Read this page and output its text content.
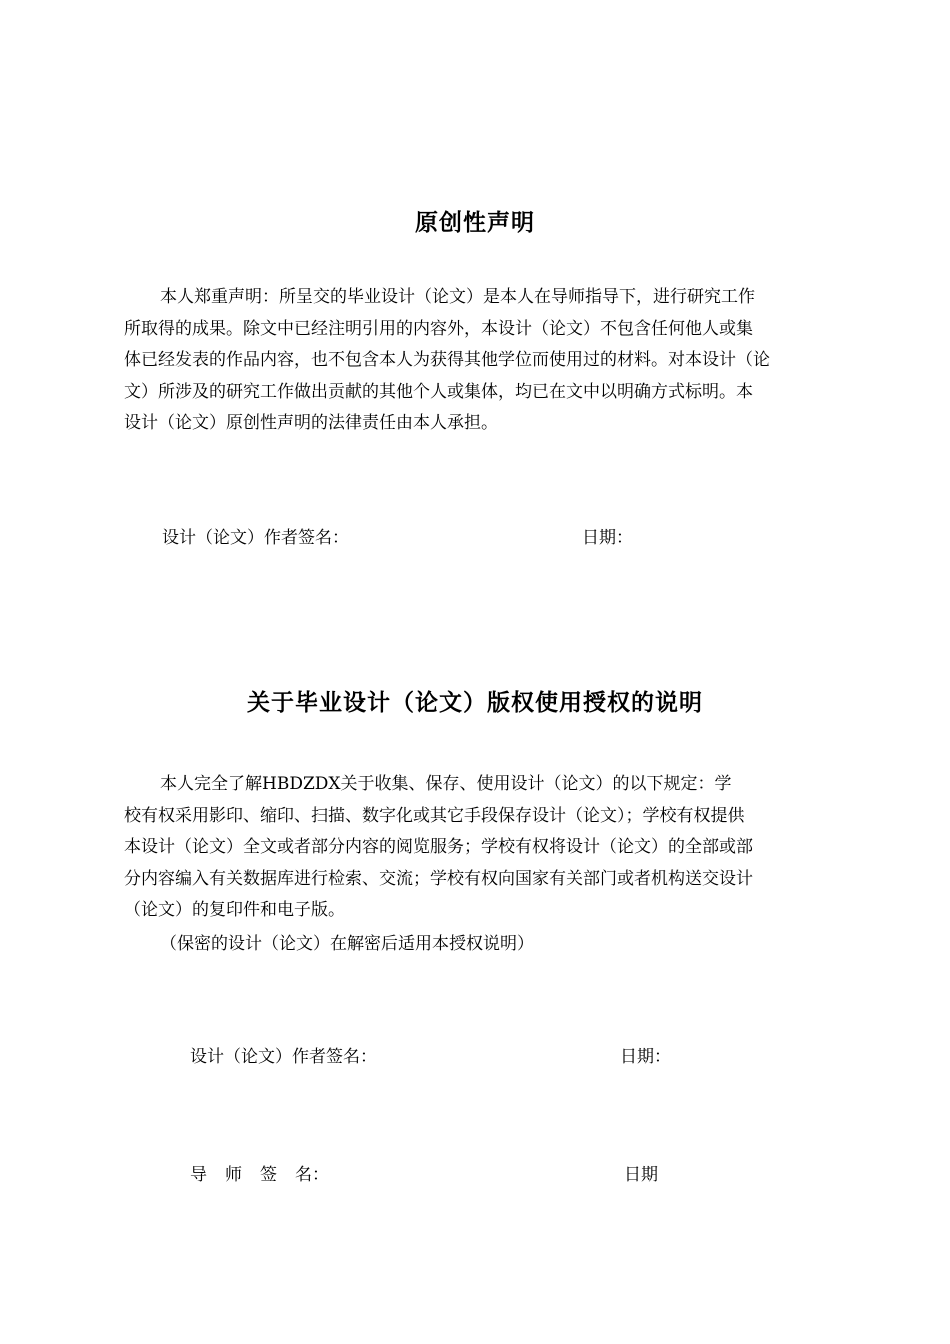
原创性声明
本人郑重声明：所呈交的毕业设计（论文）是本人在导师指导下，进行研究工作
所取得的成果。除文中已经注明引用的内容外，本设计（论文）不包含任何他人或集
体已经发表的作品内容，也不包含本人为获得其他学位而使用过的材料。对本设计（论
文）所涉及的研究工作做出贡献的其他个人或集体，均已在文中以明确方式标明。本
设计（论文）原创性声明的法律责任由本人承担。
设计（论文）作者签名：	日期：
关于毕业设计（论文）版权使用授权的说明
本人完全了解HBDZDX关于收集、保存、使用设计（论文）的以下规定：学
校有权采用影印、缩印、扫描、数字化或其它手段保存设计（论文）；学校有权提供
本设计（论文）全文或者部分内容的阅览服务；学校有权将设计（论文）的全部或部
分内容编入有关数据库进行检索、交流；学校有权向国家有关部门或者机构送交设计
（论文）的复印件和电子版。
（保密的设计（论文）在解密后适用本授权说明）
设计（论文）作者签名：	日期：
导 师 签 名：	日期
